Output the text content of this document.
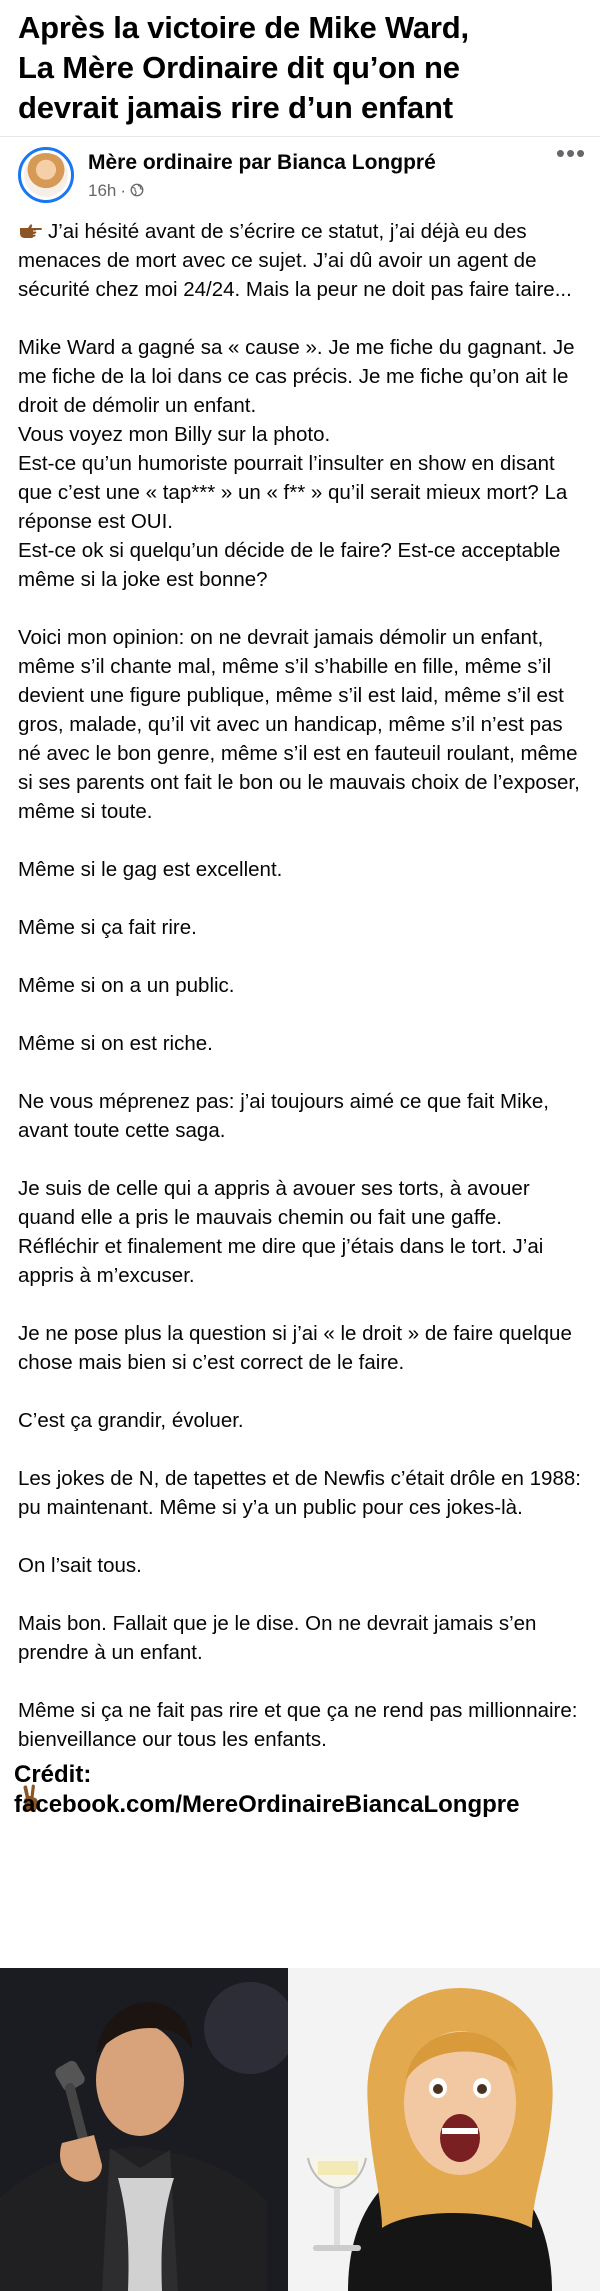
Après la victoire de Mike Ward,
La Mère Ordinaire dit qu’on ne
devrait jamais rire d’un enfant
Mère ordinaire par Bianca Longpré
16h ·
•••

J’ai hésité avant de s’écrire ce statut, j’ai déjà eu des menaces de mort avec ce sujet. J’ai dû avoir un agent de sécurité chez moi 24/24. Mais la peur ne doit pas faire taire...

Mike Ward a gagné sa « cause ». Je me fiche du gagnant. Je me fiche de la loi dans ce cas précis. Je me fiche qu’on ait le droit de démolir un enfant.

Vous voyez mon Billy sur la photo.

Est-ce qu’un humoriste pourrait l’insulter en show en disant que c’est une « tap*** » un « f** » qu’il serait mieux mort? La réponse est OUI.

Est-ce ok si quelqu’un décide de le faire? Est-ce acceptable même si la joke est bonne?

Voici mon opinion: on ne devrait jamais démolir un enfant, même s’il chante mal, même s’il s’habille en fille, même s’il devient une figure publique, même s’il est laid, même s’il est gros, malade, qu’il vit avec un handicap, même s’il n’est pas né avec le bon genre, même s’il est en fauteuil roulant, même si ses parents ont fait le bon ou le mauvais choix de l’exposer, même si toute.

Même si le gag est excellent.

Même si ça fait rire.

Même si on a un public.

Même si on est riche.

Ne vous méprenez pas: j’ai toujours aimé ce que fait Mike, avant toute cette saga.

Je suis de celle qui a appris à avouer ses torts, à avouer quand elle a pris le mauvais chemin ou fait une gaffe. Réfléchir et finalement me dire que j’étais dans le tort. J’ai appris à m’excuser.

Je ne pose plus la question si j’ai « le droit » de faire quelque chose mais bien si c’est correct de le faire.

C’est ça grandir, évoluer.

Les jokes de N, de tapettes et de Newfis c’était drôle en 1988: pu maintenant. Même si y’a un public pour ces jokes-là.

On l’sait tous.

Mais bon. Fallait que je le dise. On ne devrait jamais s’en prendre à un enfant.

Même si ça ne fait pas rire et que ça ne rend pas millionnaire: bienveillance our tous les enfants.

Crédit:
facebook.com/MereOrdinaireBiancaLongpre
